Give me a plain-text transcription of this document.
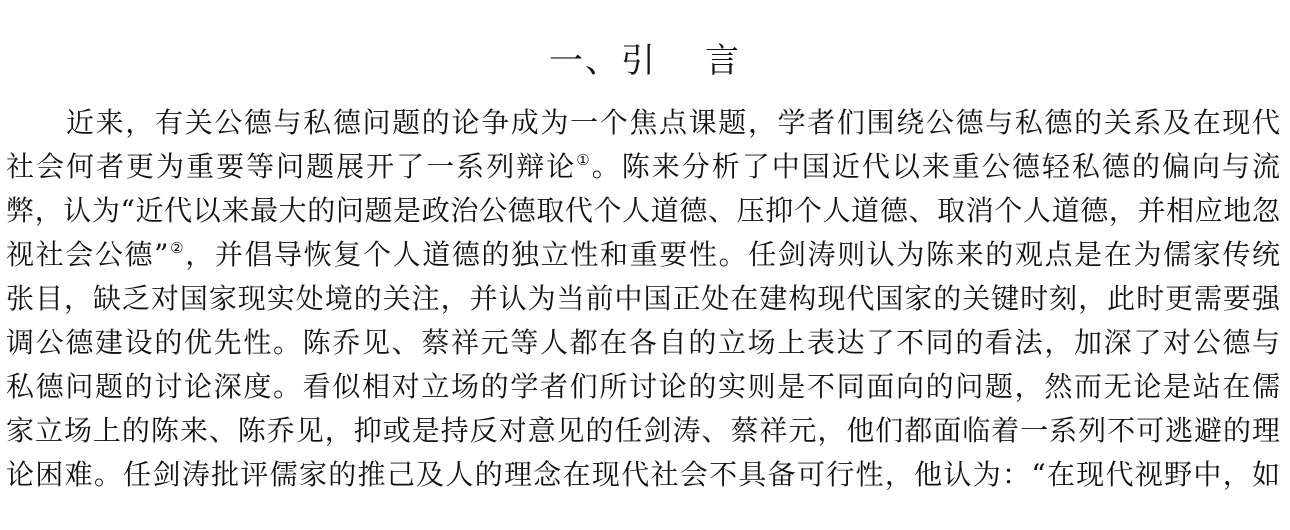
一、引 言
近来，有关公德与私德问题的论争成为一个焦点课题，学者们围绕公德与私德的关系及在现代
社会何者更为重要等问题展开了一系列辩论①。陈来分析了中国近代以来重公德轻私德的偏向与流
弊，认为“近代以来最大的问题是政治公德取代个人道德、压抑个人道德、取消个人道德，并相应地忽
视社会公德”②，并倡导恢复个人道德的独立性和重要性。任剑涛则认为陈来的观点是在为儒家传统
张目，缺乏对国家现实处境的关注，并认为当前中国正处在建构现代国家的关键时刻，此时更需要强
调公德建设的优先性。陈乔见、蔡祥元等人都在各自的立场上表达了不同的看法，加深了对公德与
私德问题的讨论深度。看似相对立场的学者们所讨论的实则是不同面向的问题，然而无论是站在儒
家立场上的陈来、陈乔见，抑或是持反对意见的任剑涛、蔡祥元，他们都面临着一系列不可逃避的理
论困难。任剑涛批评儒家的推己及人的理念在现代社会不具备可行性，他认为：“在现代视野中，如
